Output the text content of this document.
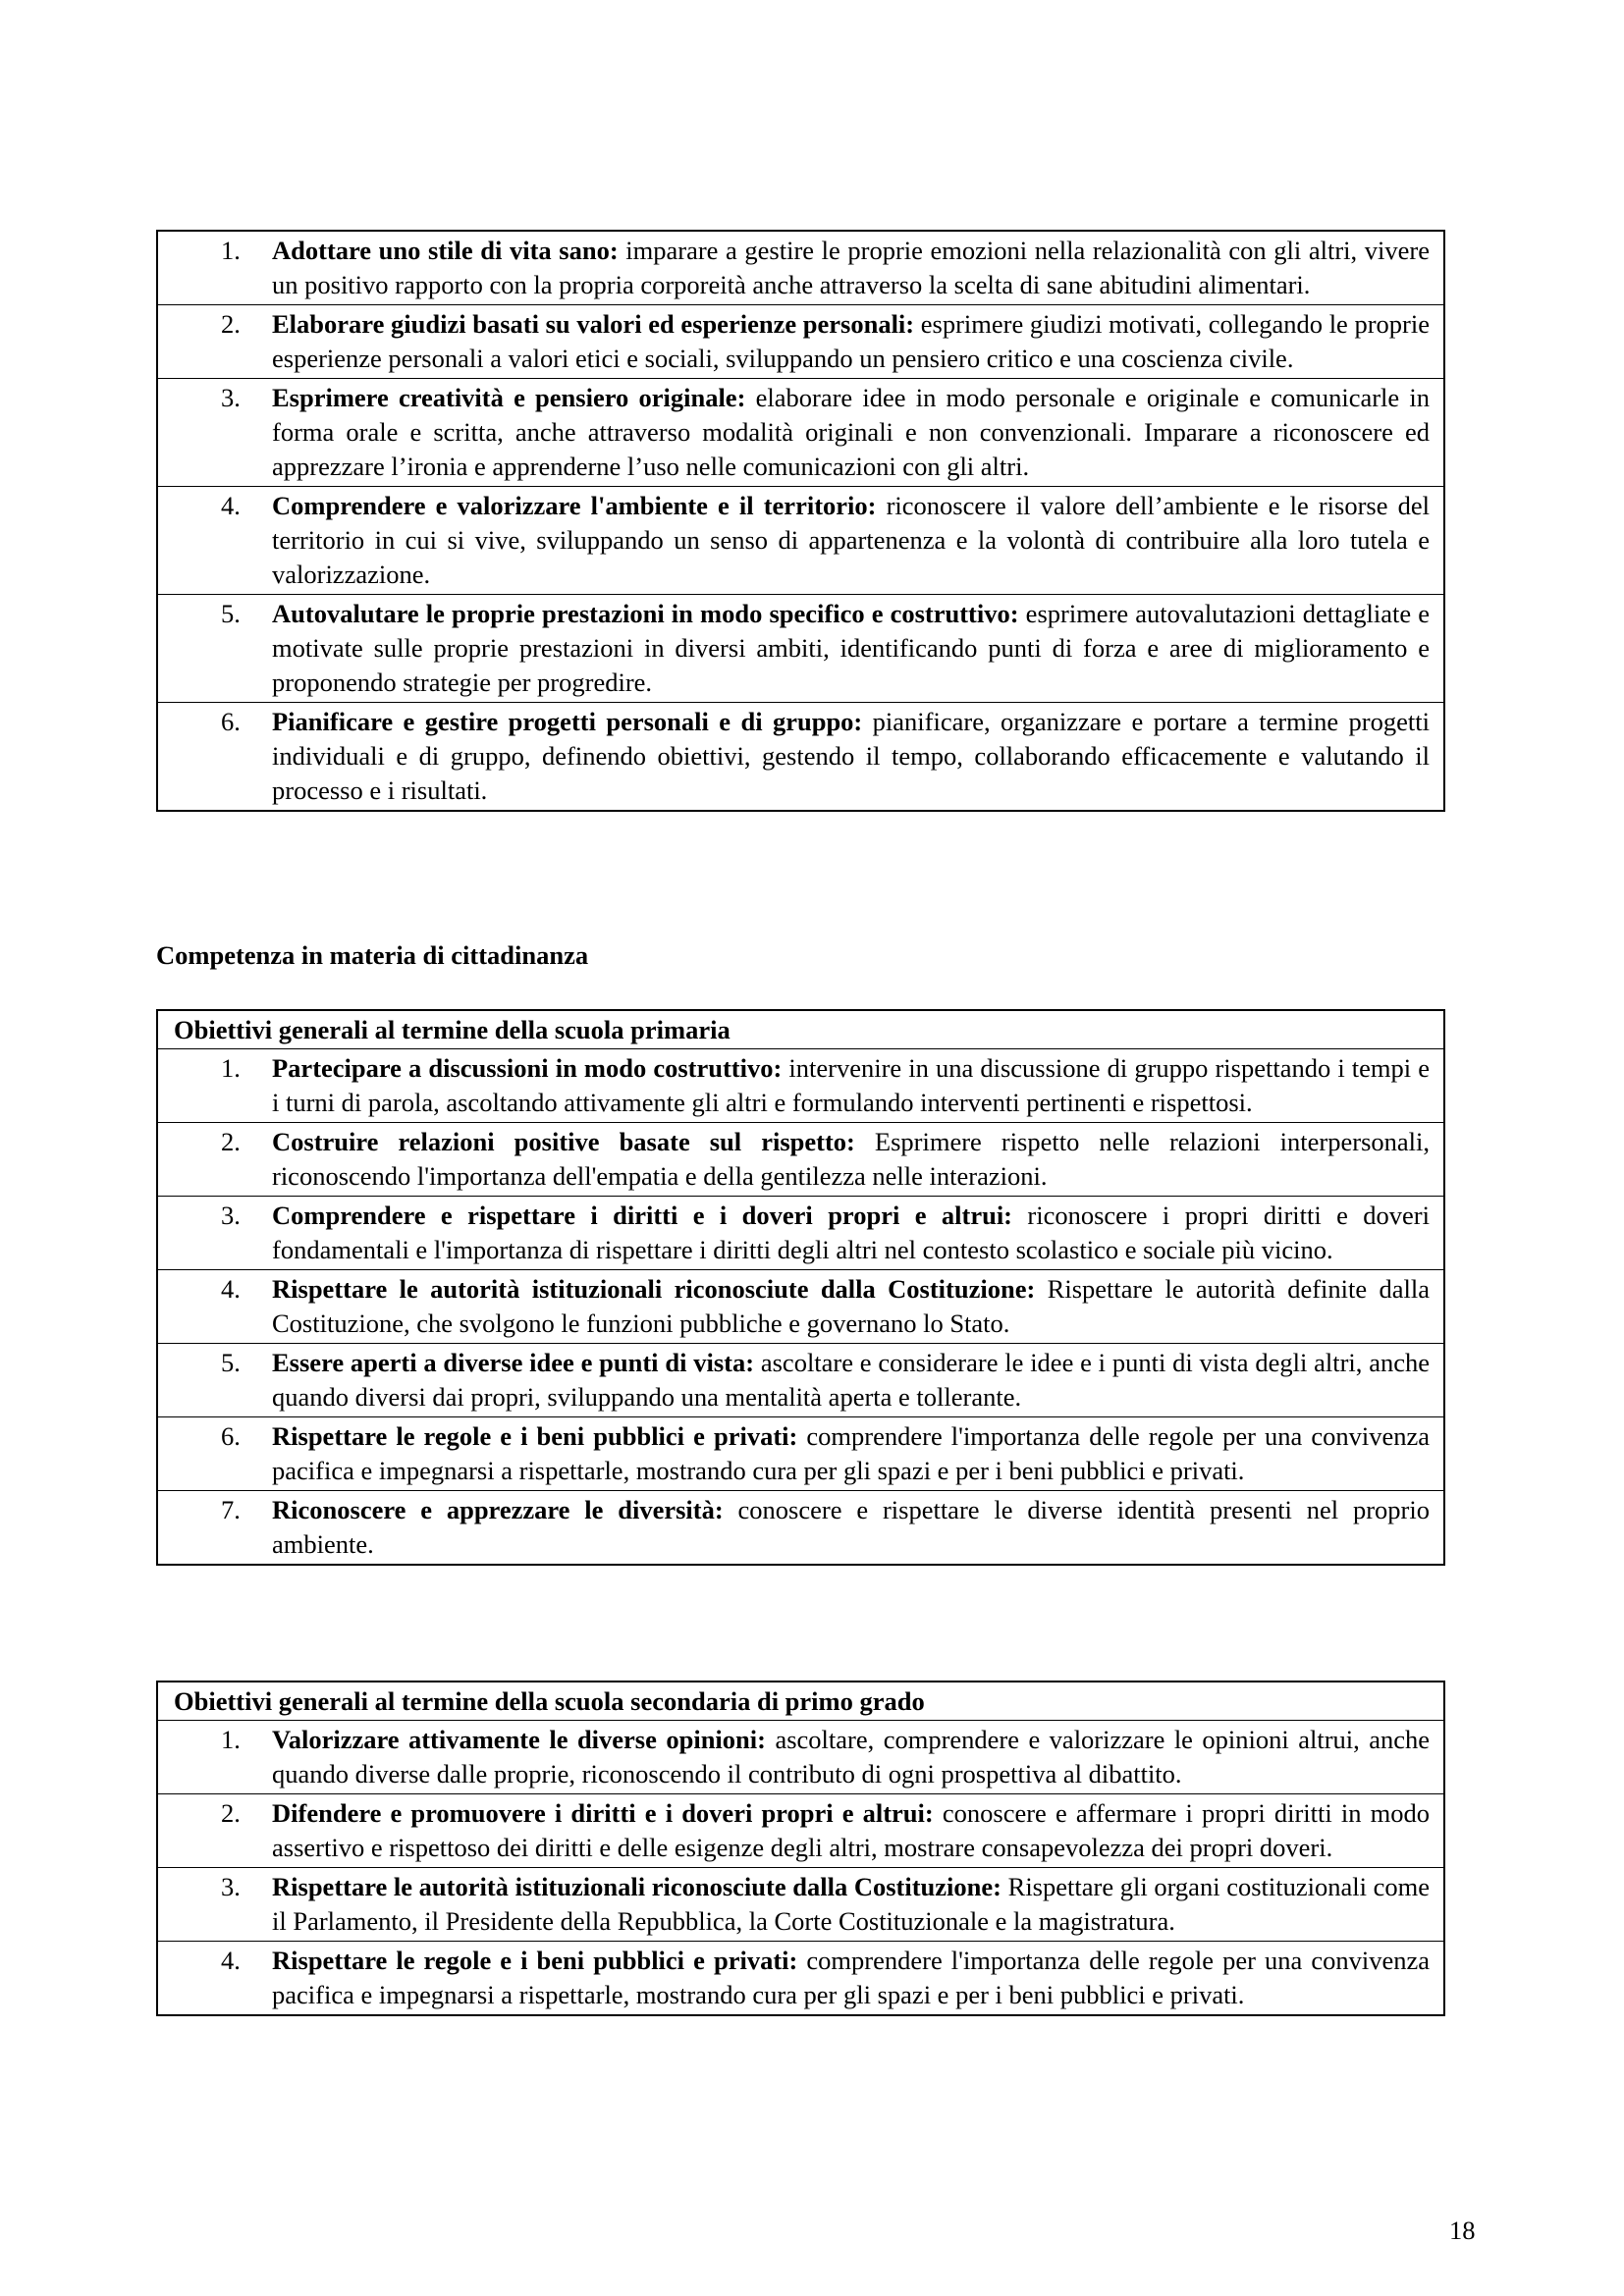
1.	Adottare uno stile di vita sano: imparare a gestire le proprie emozioni nella relazionalità con gli altri, vivere un positivo rapporto con la propria corporeità anche attraverso la scelta di sane abitudini alimentari.
2.	Elaborare giudizi basati su valori ed esperienze personali: esprimere giudizi motivati, collegando le proprie esperienze personali a valori etici e sociali, sviluppando un pensiero critico e una coscienza civile.
3.	Esprimere creatività e pensiero originale: elaborare idee in modo personale e originale e comunicarle in forma orale e scritta, anche attraverso modalità originali e non convenzionali. Imparare a riconoscere ed apprezzare l’ironia e apprenderne l’uso nelle comunicazioni con gli altri.
4.	Comprendere e valorizzare l'ambiente e il territorio: riconoscere il valore dell’ambiente e le risorse del territorio in cui si vive, sviluppando un senso di appartenenza e la volontà di contribuire alla loro tutela e valorizzazione.
5.	Autovalutare le proprie prestazioni in modo specifico e costruttivo: esprimere autovalutazioni dettagliate e motivate sulle proprie prestazioni in diversi ambiti, identificando punti di forza e aree di miglioramento e proponendo strategie per progredire.
6.	Pianificare e gestire progetti personali e di gruppo: pianificare, organizzare e portare a termine progetti individuali e di gruppo, definendo obiettivi, gestendo il tempo, collaborando efficacemente e valutando il processo e i risultati.
Competenza in materia di cittadinanza
Obiettivi generali al termine della scuola primaria
1.	Partecipare a discussioni in modo costruttivo: intervenire in una discussione di gruppo rispettando i tempi e i turni di parola, ascoltando attivamente gli altri e formulando interventi pertinenti e rispettosi.
2.	Costruire relazioni positive basate sul rispetto: Esprimere rispetto nelle relazioni interpersonali, riconoscendo l'importanza dell'empatia e della gentilezza nelle interazioni.
3.	Comprendere e rispettare i diritti e i doveri propri e altrui: riconoscere i propri diritti e doveri fondamentali e l'importanza di rispettare i diritti degli altri nel contesto scolastico e sociale più vicino.
4.	Rispettare le autorità istituzionali riconosciute dalla Costituzione: Rispettare le autorità definite dalla Costituzione, che svolgono le funzioni pubbliche e governano lo Stato.
5.	Essere aperti a diverse idee e punti di vista: ascoltare e considerare le idee e i punti di vista degli altri, anche quando diversi dai propri, sviluppando una mentalità aperta e tollerante.
6.	Rispettare le regole e i beni pubblici e privati: comprendere l'importanza delle regole per una convivenza pacifica e impegnarsi a rispettarle, mostrando cura per gli spazi e per i beni pubblici e privati.
7.	Riconoscere e apprezzare le diversità: conoscere e rispettare le diverse identità presenti nel proprio ambiente.
Obiettivi generali al termine della scuola secondaria di primo grado
1.	Valorizzare attivamente le diverse opinioni: ascoltare, comprendere e valorizzare le opinioni altrui, anche quando diverse dalle proprie, riconoscendo il contributo di ogni prospettiva al dibattito.
2.	Difendere e promuovere i diritti e i doveri propri e altrui: conoscere e affermare i propri diritti in modo assertivo e rispettoso dei diritti e delle esigenze degli altri, mostrare consapevolezza dei propri doveri.
3.	Rispettare le autorità istituzionali riconosciute dalla Costituzione: Rispettare gli organi costituzionali come il Parlamento, il Presidente della Repubblica, la Corte Costituzionale e la magistratura.
4.	Rispettare le regole e i beni pubblici e privati: comprendere l'importanza delle regole per una convivenza pacifica e impegnarsi a rispettarle, mostrando cura per gli spazi e per i beni pubblici e privati.
18
